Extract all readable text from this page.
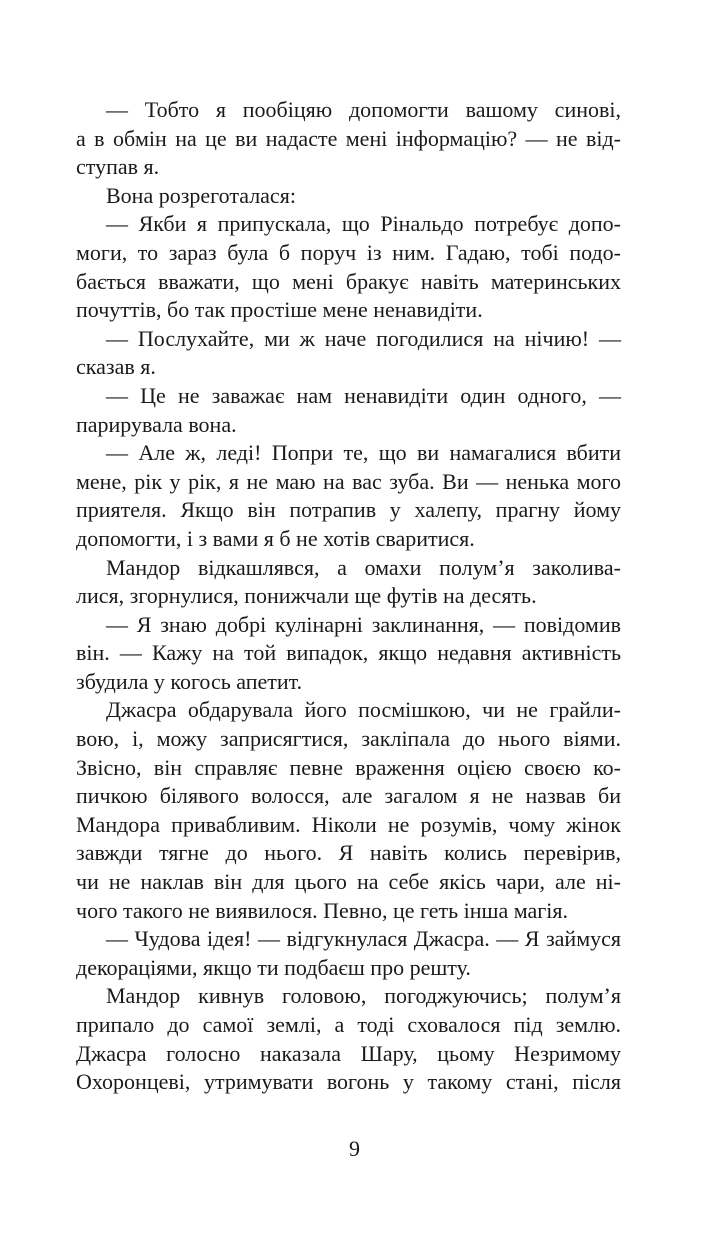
— Тобто я пообіцяю допомогти вашому синові,
а в обмін на це ви надасте мені інформацію? — не від-
ступав я.
Вона розреготалася:
— Якби я припускала, що Рінальдо потребує допо-
моги, то зараз була б поруч із ним. Гадаю, тобі подо-
бається вважати, що мені бракує навіть материнських
почуттів, бо так простіше мене ненавидіти.
— Послухайте, ми ж наче погодилися на нічию! —
сказав я.
— Це не заважає нам ненавидіти один одного, —
парирувала вона.
— Але ж, леді! Попри те, що ви намагалися вбити
мене, рік у рік, я не маю на вас зуба. Ви — ненька мого
приятеля. Якщо він потрапив у халепу, прагну йому
допомогти, і з вами я б не хотів сваритися.
Мандор відкашлявся, а омахи полум’я заколива-
лися, згорнулися, понижчали ще футів на десять.
— Я знаю добрі кулінарні заклинання, — повідомив
він. — Кажу на той випадок, якщо недавня активність
збудила у когось апетит.
Джасра обдарувала його посмішкою, чи не грайли-
вою, і, можу заприсягтися, закліпала до нього віями.
Звісно, він справляє певне враження оцією своєю ко-
пичкою білявого волосся, але загалом я не назвав би
Мандора привабливим. Ніколи не розумів, чому жінок
завжди тягне до нього. Я навіть колись перевірив,
чи не наклав він для цього на себе якісь чари, але ні-
чого такого не виявилося. Певно, це геть інша магія.
— Чудова ідея! — відгукнулася Джасра. — Я займуся
декораціями, якщо ти подбаєш про решту.
Мандор кивнув головою, погоджуючись; полум’я
припало до самої землі, а тоді сховалося під землю.
Джасра голосно наказала Шару, цьому Незримому
Охоронцеві, утримувати вогонь у такому стані, після
9
